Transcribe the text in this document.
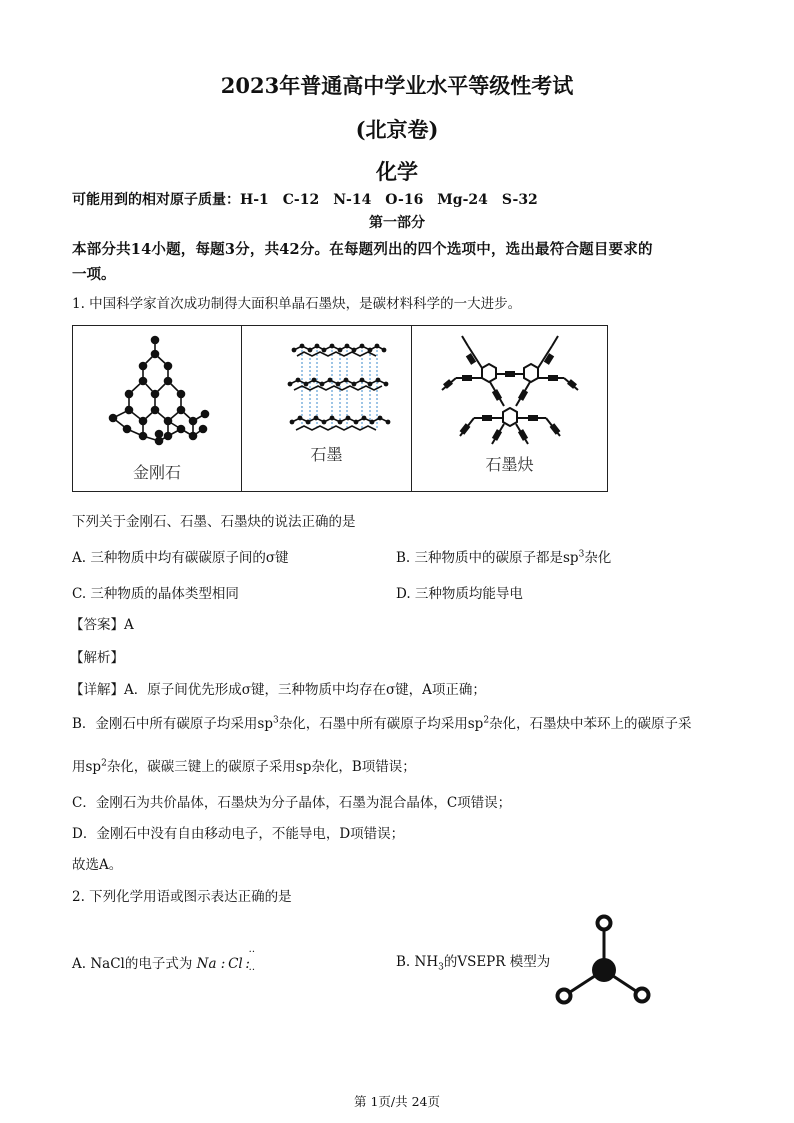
2023年普通高中学业水平等级性考试
(北京卷)
化学
可能用到的相对原子质量：H-1　C-12　N-14　O-16　Mg-24　S-32
第一部分
本部分共14小题，每题3分，共42分。在每题列出的四个选项中，选出最符合题目要求的
一项。
1. 中国科学家首次成功制得大面积单晶石墨炔，是碳材料科学的一大进步。
金刚石
石墨
石墨炔
下列关于金刚石、石墨、石墨炔的说法正确的是
A. 三种物质中均有碳碳原子间的σ键	B. 三种物质中的碳原子都是$sp^3$杂化
C. 三种物质的晶体类型相同	D. 三种物质均能导电
【答案】A
【解析】
【详解】A．原子间优先形成σ键，三种物质中均存在σ键，A项正确；
B．金刚石中所有碳原子均采用$sp^3$杂化，石墨中所有碳原子均采用$sp^2$杂化，石墨炔中苯环上的碳原子采
用$sp^2$杂化，碳碳三键上的碳原子采用sp杂化，B项错误；
C．金刚石为共价晶体，石墨炔为分子晶体，石墨为混合晶体，C项错误；
D．金刚石中没有自由移动电子，不能导电，D项错误；
故选A。
2. 下列化学用语或图示表达正确的是
A. NaCl的电子式为 Na : Cl :
··
··
B. $NH_3$的VSEPR 模型为
第 1页/共 24页
